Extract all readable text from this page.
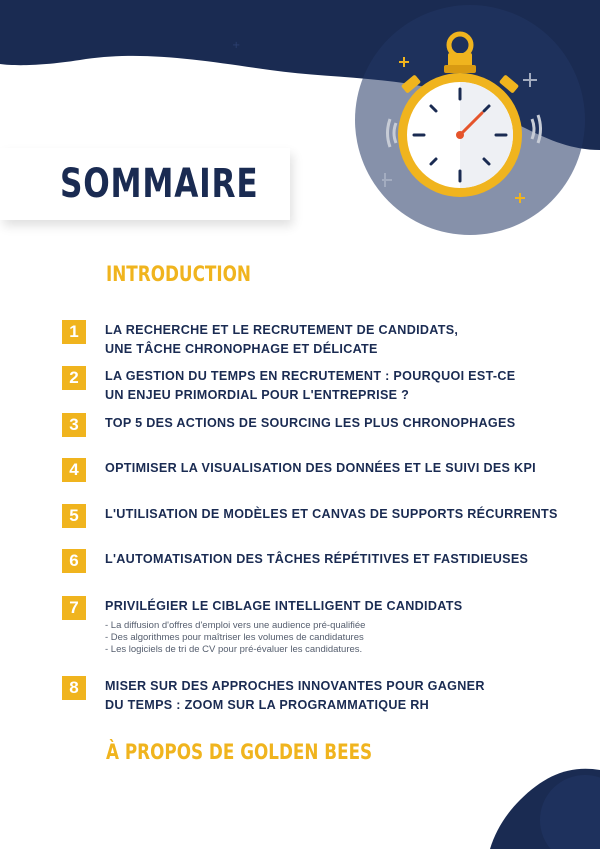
+
SOMMAIRE
INTRODUCTION
1	LA RECHERCHE ET LE RECRUTEMENT DE CANDIDATS,
UNE TÂCHE CHRONOPHAGE ET DÉLICATE
2	LA GESTION DU TEMPS EN RECRUTEMENT : POURQUOI EST-CE
UN ENJEU PRIMORDIAL POUR L'ENTREPRISE ?
3	TOP 5 DES ACTIONS DE SOURCING LES PLUS CHRONOPHAGES
4	OPTIMISER LA VISUALISATION DES DONNÉES ET LE SUIVI DES KPI
5	L'UTILISATION DE MODÈLES ET CANVAS DE SUPPORTS RÉCURRENTS
6	L'AUTOMATISATION DES TÂCHES RÉPÉTITIVES ET FASTIDIEUSES
7	PRIVILÉGIER LE CIBLAGE INTELLIGENT DE CANDIDATS
- La diffusion d'offres d'emploi vers une audience pré-qualifiée
- Des algorithmes pour maîtriser les volumes de candidatures
- Les logiciels de tri de CV pour pré-évaluer les candidatures.
8	MISER SUR DES APPROCHES INNOVANTES POUR GAGNER
DU TEMPS : ZOOM SUR LA PROGRAMMATIQUE RH
À PROPOS DE GOLDEN BEES
